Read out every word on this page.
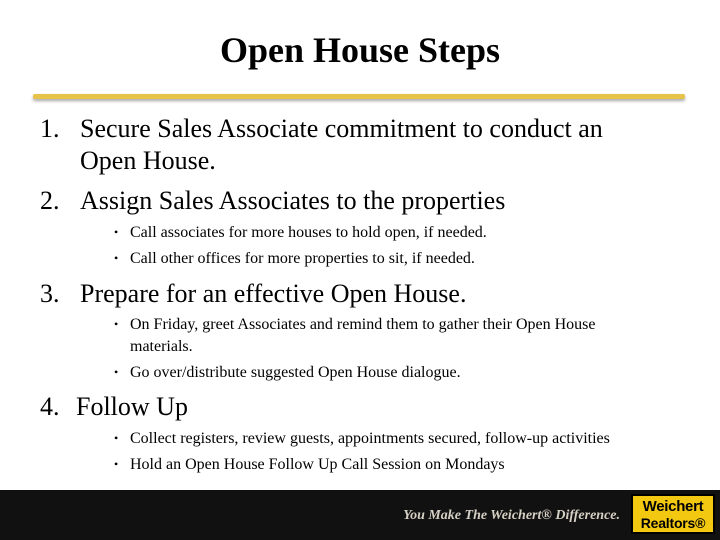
Open House Steps
1. Secure Sales Associate commitment to conduct an
Open House.
2. Assign Sales Associates to the properties
• Call associates for more houses to hold open, if needed.
• Call other offices for more properties to sit, if needed.
3. Prepare for an effective Open House.
• On Friday, greet Associates and remind them to gather their Open House
materials.
• Go over/distribute suggested Open House dialogue.
4. Follow Up
• Collect registers, review guests, appointments secured, follow-up activities
• Hold an Open House Follow Up Call Session on Mondays
You Make The Weichert® Difference.
Weichert
Realtors®
